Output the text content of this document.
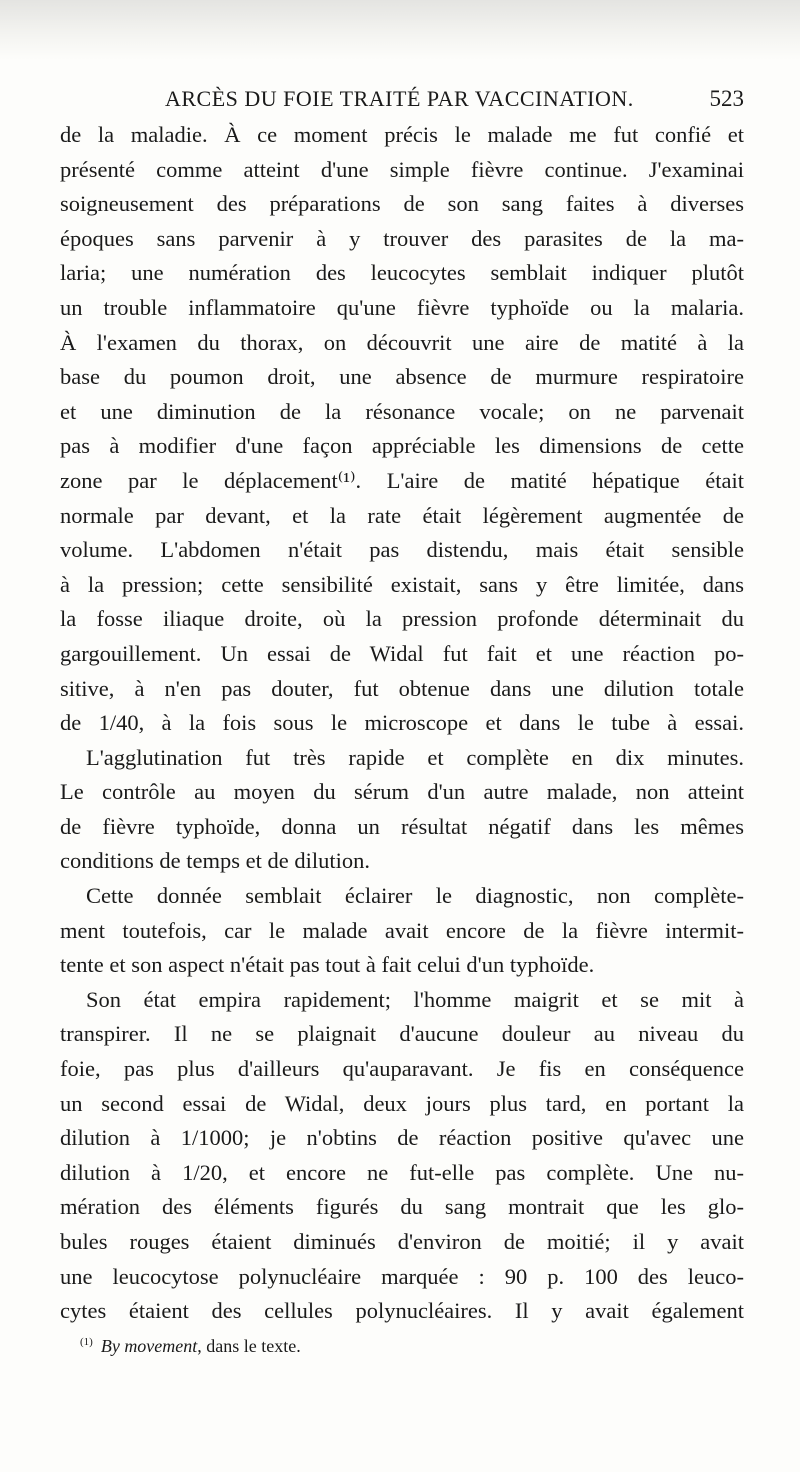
ARCÈS DU FOIE TRAITÉ PAR VACCINATION.	523
de la maladie. À ce moment précis le malade me fut confié et
présenté comme atteint d'une simple fièvre continue. J'examinai
soigneusement des préparations de son sang faites à diverses
époques sans parvenir à y trouver des parasites de la ma-
laria; une numération des leucocytes semblait indiquer plutôt
un trouble inflammatoire qu'une fièvre typhoïde ou la malaria.
À l'examen du thorax, on découvrit une aire de matité à la
base du poumon droit, une absence de murmure respiratoire
et une diminution de la résonance vocale; on ne parvenait
pas à modifier d'une façon appréciable les dimensions de cette
zone par le déplacement⁽¹⁾. L'aire de matité hépatique était
normale par devant, et la rate était légèrement augmentée de
volume. L'abdomen n'était pas distendu, mais était sensible
à la pression; cette sensibilité existait, sans y être limitée, dans
la fosse iliaque droite, où la pression profonde déterminait du
gargouillement. Un essai de Widal fut fait et une réaction po-
sitive, à n'en pas douter, fut obtenue dans une dilution totale
de 1/40, à la fois sous le microscope et dans le tube à essai.
L'agglutination fut très rapide et complète en dix minutes.
Le contrôle au moyen du sérum d'un autre malade, non atteint
de fièvre typhoïde, donna un résultat négatif dans les mêmes
conditions de temps et de dilution.
Cette donnée semblait éclairer le diagnostic, non complète-
ment toutefois, car le malade avait encore de la fièvre intermit-
tente et son aspect n'était pas tout à fait celui d'un typhoïde.
Son état empira rapidement; l'homme maigrit et se mit à
transpirer. Il ne se plaignait d'aucune douleur au niveau du
foie, pas plus d'ailleurs qu'auparavant. Je fis en conséquence
un second essai de Widal, deux jours plus tard, en portant la
dilution à 1/1000; je n'obtins de réaction positive qu'avec une
dilution à 1/20, et encore ne fut-elle pas complète. Une nu-
mération des éléments figurés du sang montrait que les glo-
bules rouges étaient diminués d'environ de moitié; il y avait
une leucocytose polynucléaire marquée : 90 p. 100 des leuco-
cytes étaient des cellules polynucléaires. Il y avait également
$^{(1)}$ By movement, dans le texte.
